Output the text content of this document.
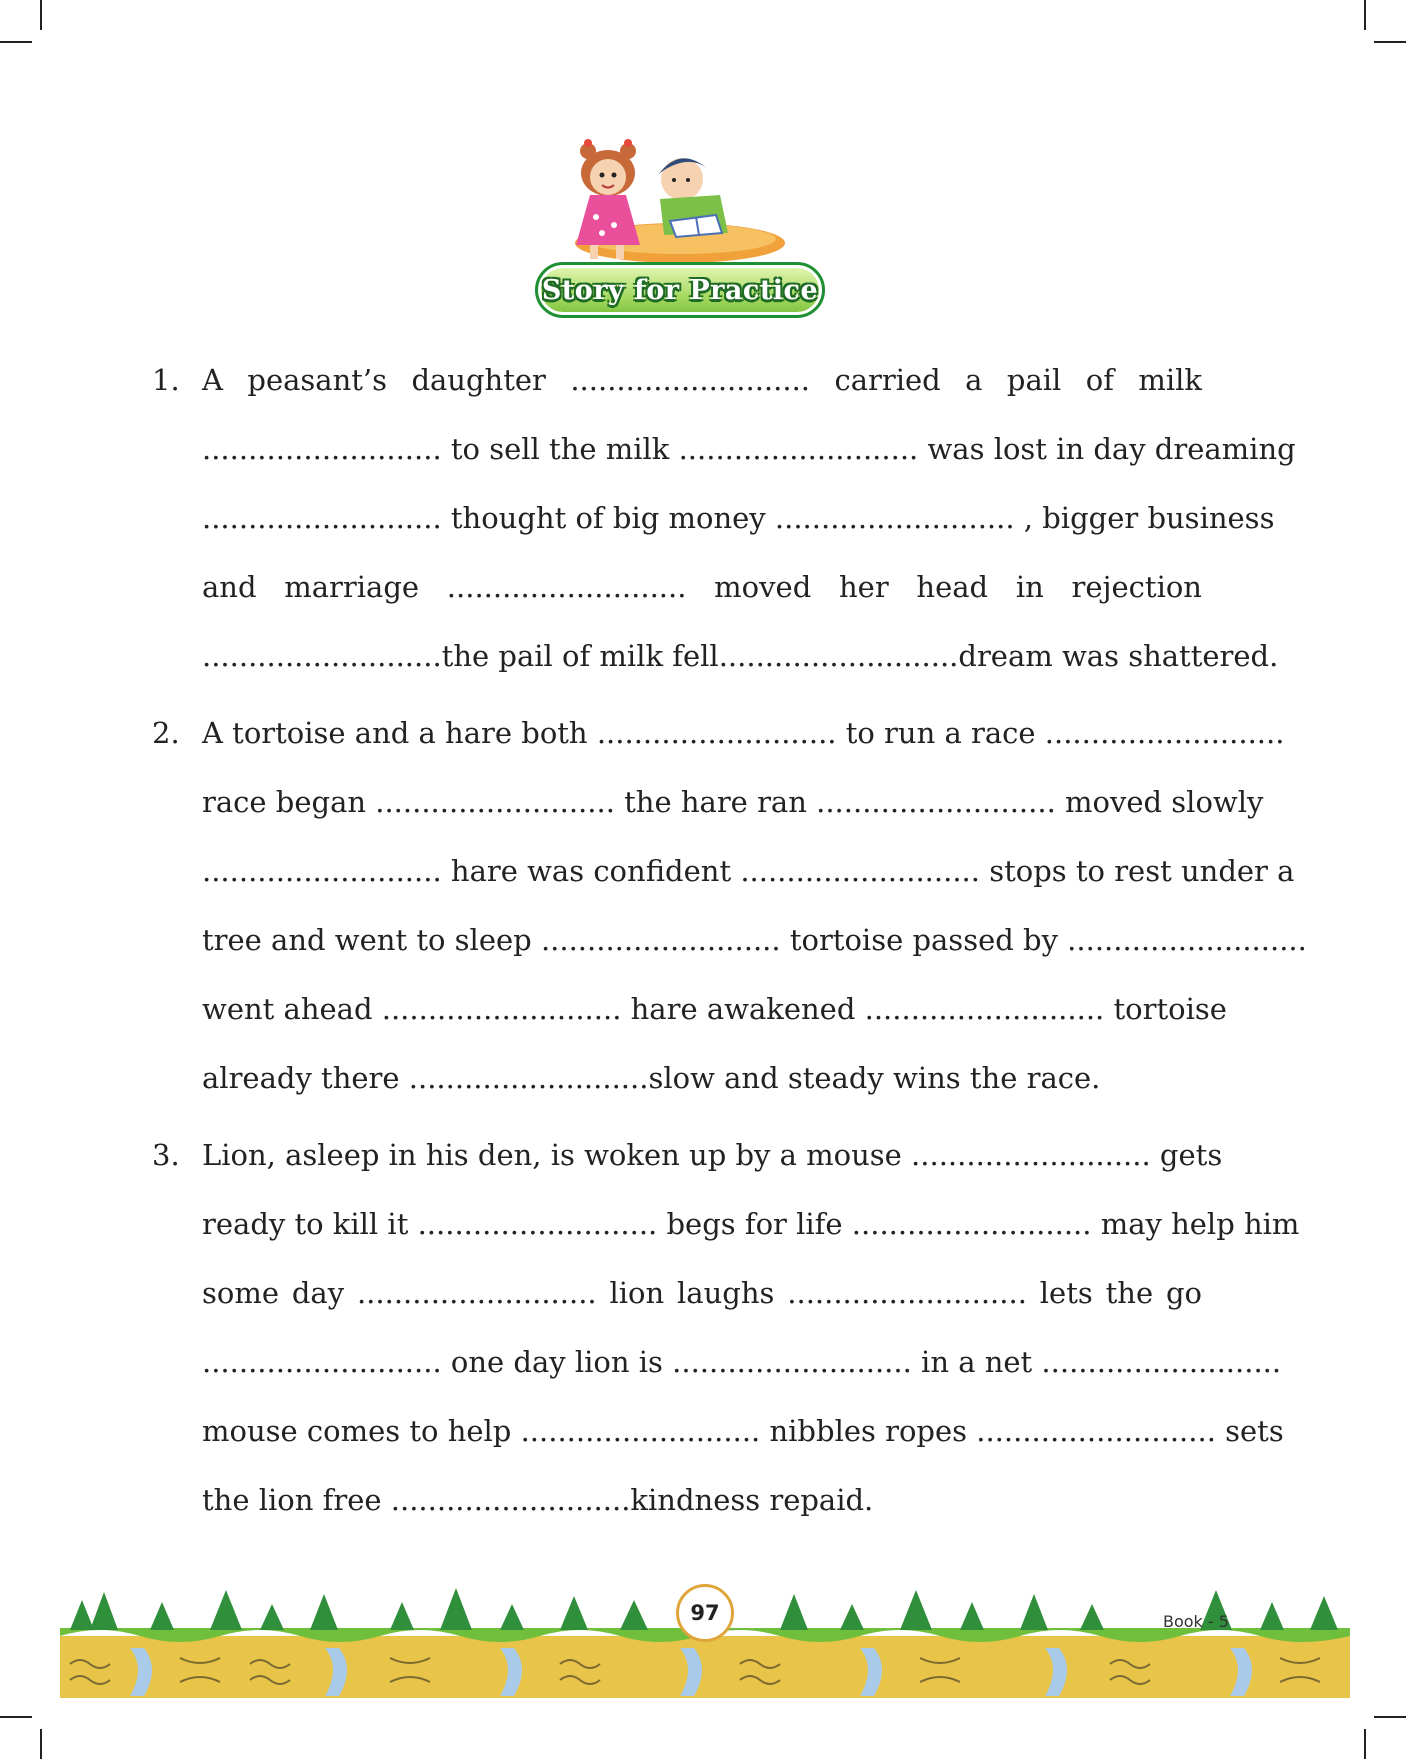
Story for Practice
1. A peasant’s daughter .......................... carried a pail of milk
.......................... to sell the milk .......................... was lost in day dreaming
.......................... thought of big money .......................... , bigger business
and marriage .......................... moved her head in rejection
..........................the pail of milk fell..........................dream was shattered.
2. A tortoise and a hare both .......................... to run a race ..........................
race began .......................... the hare ran .......................... moved slowly
.......................... hare was confident .......................... stops to rest under a
tree and went to sleep .......................... tortoise passed by ..........................
went ahead .......................... hare awakened .......................... tortoise
already there ..........................slow and steady wins the race.
3. Lion, asleep in his den, is woken up by a mouse .......................... gets
ready to kill it .......................... begs for life .......................... may help him
some day .......................... lion laughs .......................... lets the go
.......................... one day lion is .......................... in a net ..........................
mouse comes to help .......................... nibbles ropes .......................... sets
the lion free ..........................kindness repaid.
97	Book - 5
